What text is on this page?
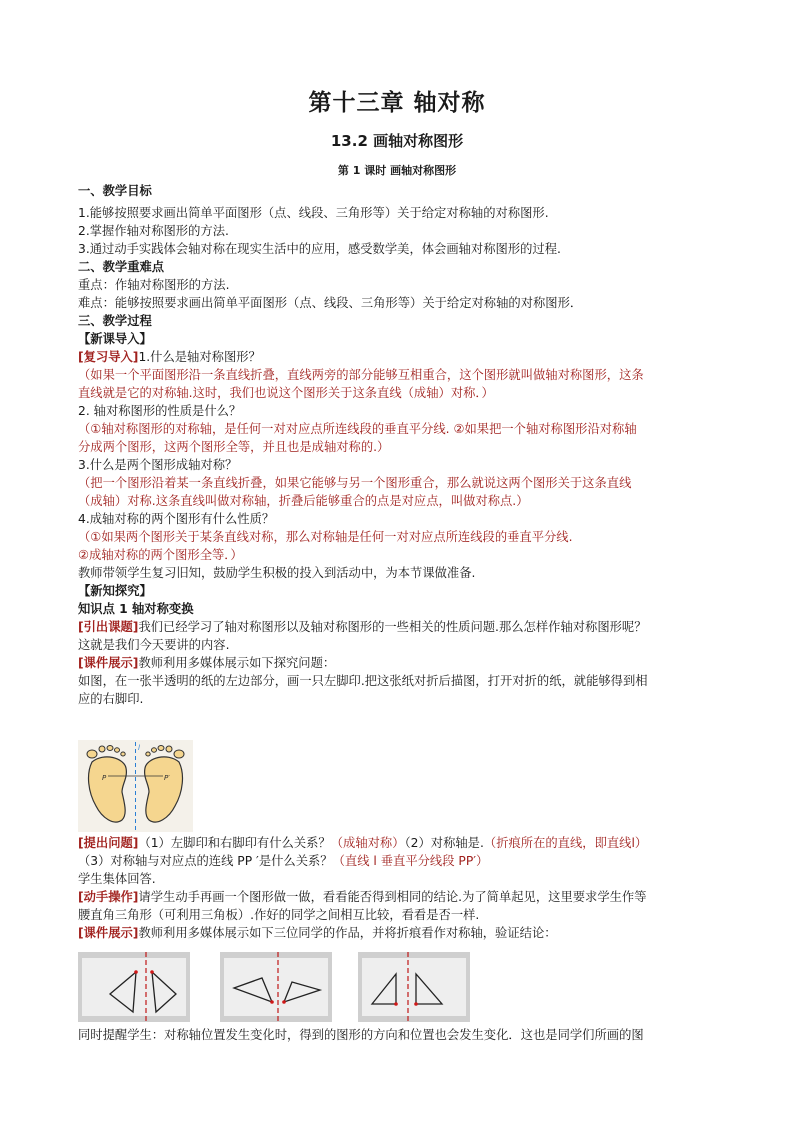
第十三章 轴对称
13.2 画轴对称图形
第 1 课时 画轴对称图形
一、教学目标
1.能够按照要求画出简单平面图形（点、线段、三角形等）关于给定对称轴的对称图形.
2.掌握作轴对称图形的方法.
3.通过动手实践体会轴对称在现实生活中的应用，感受数学美，体会画轴对称图形的过程.
二、教学重难点
重点：作轴对称图形的方法.
难点：能够按照要求画出简单平面图形（点、线段、三角形等）关于给定对称轴的对称图形．
三、教学过程
【新课导入】
[复习导入]1.什么是轴对称图形？
（如果一个平面图形沿一条直线折叠，直线两旁的部分能够互相重合，这个图形就叫做轴对称图形，这条
直线就是它的对称轴.这时，我们也说这个图形关于这条直线（成轴）对称．）
2. 轴对称图形的性质是什么？
（①轴对称图形的对称轴，是任何一对对应点所连线段的垂直平分线. ②如果把一个轴对称图形沿对称轴
分成两个图形，这两个图形全等，并且也是成轴对称的.）
3.什么是两个图形成轴对称？
（把一个图形沿着某一条直线折叠，如果它能够与另一个图形重合，那么就说这两个图形关于这条直线
（成轴）对称.这条直线叫做对称轴，折叠后能够重合的点是对应点，叫做对称点.）
4.成轴对称的两个图形有什么性质？
（①如果两个图形关于某条直线对称，那么对称轴是任何一对对应点所连线段的垂直平分线.
②成轴对称的两个图形全等．）
教师带领学生复习旧知，鼓励学生积极的投入到活动中，为本节课做准备.
【新知探究】
知识点 1 轴对称变换
[引出课题]我们已经学习了轴对称图形以及轴对称图形的一些相关的性质问题.那么怎样作轴对称图形呢？
这就是我们今天要讲的内容.
[课件展示]教师利用多媒体展示如下探究问题：
如图，在一张半透明的纸的左边部分，画一只左脚印.把这张纸对折后描图，打开对折的纸，就能够得到相
应的右脚印.
[提出问题]（1）左脚印和右脚印有什么关系？（成轴对称）（2）对称轴是.（折痕所在的直线，即直线l）
（3）对称轴与对应点的连线 PP ′是什么关系？（直线 l 垂直平分线段 PP′）
学生集体回答.
[动手操作]请学生动手再画一个图形做一做，看看能否得到相同的结论.为了简单起见，这里要求学生作等
腰直角三角形（可利用三角板）.作好的同学之间相互比较，看看是否一样.
[课件展示]教师利用多媒体展示如下三位同学的作品，并将折痕看作对称轴，验证结论：
同时提醒学生：对称轴位置发生变化时，得到的图形的方向和位置也会发生变化．这也是同学们所画的图
P	P′
l
